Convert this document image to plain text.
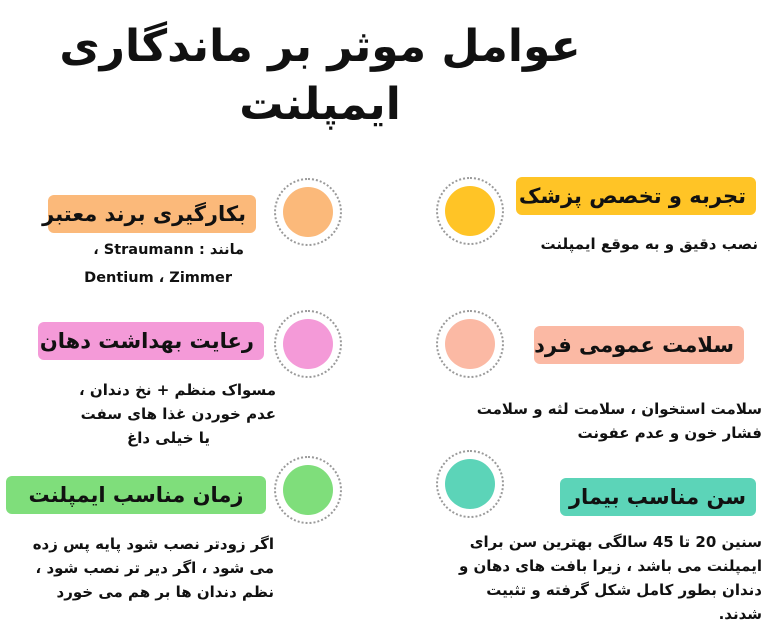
عوامل موثر بر ماندگاری
ایمپلنت
تجربه و تخصص پزشک
نصب دقیق و به موقع ایمپلنت
بکارگیری برند معتبر
مانند : Straumann ،
Dentium ، Zimmer
سلامت عمومی فرد
سلامت استخوان ، سلامت لثه و سلامت
فشار خون و عدم عفونت
رعایت بهداشت دهان
مسواک منظم + نخ دندان ،
عدم خوردن غذا های سفت
یا خیلی داغ
سن مناسب بیمار
سنین 20 تا 45 سالگی بهترین سن برای
ایمپلنت می باشد ، زیرا بافت های دهان و
دندان بطور کامل شکل گرفته و تثبیت
شدند.
زمان مناسب ایمپلنت
اگر زودتر نصب شود پایه پس زده
می شود ، اگر دیر تر نصب شود ،
نظم دندان ها بر هم می خورد
